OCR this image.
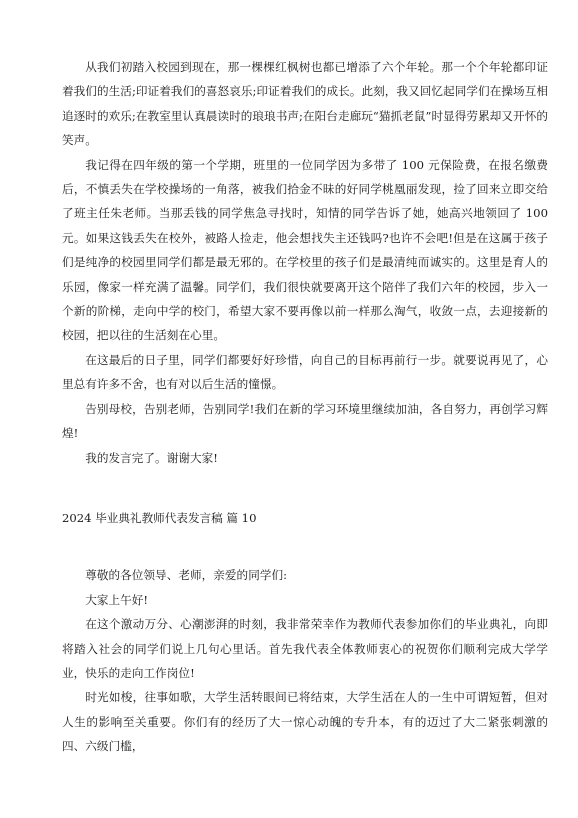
从我们初踏入校园到现在，那一棵棵红枫树也都已增添了六个年轮。那一个个年轮都印证着我们的生活;印证着我们的喜怒哀乐;印证着我们的成长。此刻，我又回忆起同学们在操场互相追逐时的欢乐;在教室里认真晨读时的琅琅书声;在阳台走廊玩“猫抓老鼠”时显得劳累却又开怀的笑声。

我记得在四年级的第一个学期，班里的一位同学因为多带了 100 元保险费，在报名缴费后，不慎丢失在学校操场的一角落，被我们拾金不昧的好同学桃凰丽发现，捡了回来立即交给了班主任朱老师。当那丢钱的同学焦急寻找时，知情的同学告诉了她，她高兴地领回了 100 元。如果这钱丢失在校外，被路人捡走，他会想找失主还钱吗?也许不会吧!但是在这属于孩子们是纯净的校园里同学们都是最无邪的。在学校里的孩子们是最清纯而诚实的。这里是育人的乐园，像家一样充满了温馨。同学们，我们很快就要离开这个陪伴了我们六年的校园，步入一个新的阶梯，走向中学的校门，希望大家不要再像以前一样那么淘气，收敛一点，去迎接新的校园，把以往的生活刻在心里。

在这最后的日子里，同学们都要好好珍惜，向自己的目标再前行一步。就要说再见了，心里总有许多不舍，也有对以后生活的憧憬。

告别母校，告别老师，告别同学!我们在新的学习环境里继续加油，各自努力，再创学习辉煌!

我的发言完了。谢谢大家!

2024 毕业典礼教师代表发言稿 篇 10

尊敬的各位领导、老师，亲爱的同学们:

大家上午好!

在这个激动万分、心潮澎湃的时刻，我非常荣幸作为教师代表参加你们的毕业典礼，向即将踏入社会的同学们说上几句心里话。首先我代表全体教师衷心的祝贺你们顺利完成大学学业，快乐的走向工作岗位!

时光如梭，往事如歌，大学生活转眼间已将结束，大学生活在人的一生中可谓短暂，但对人生的影响至关重要。你们有的经历了大一惊心动魄的专升本，有的迈过了大二紧张刺激的四、六级门槛，
